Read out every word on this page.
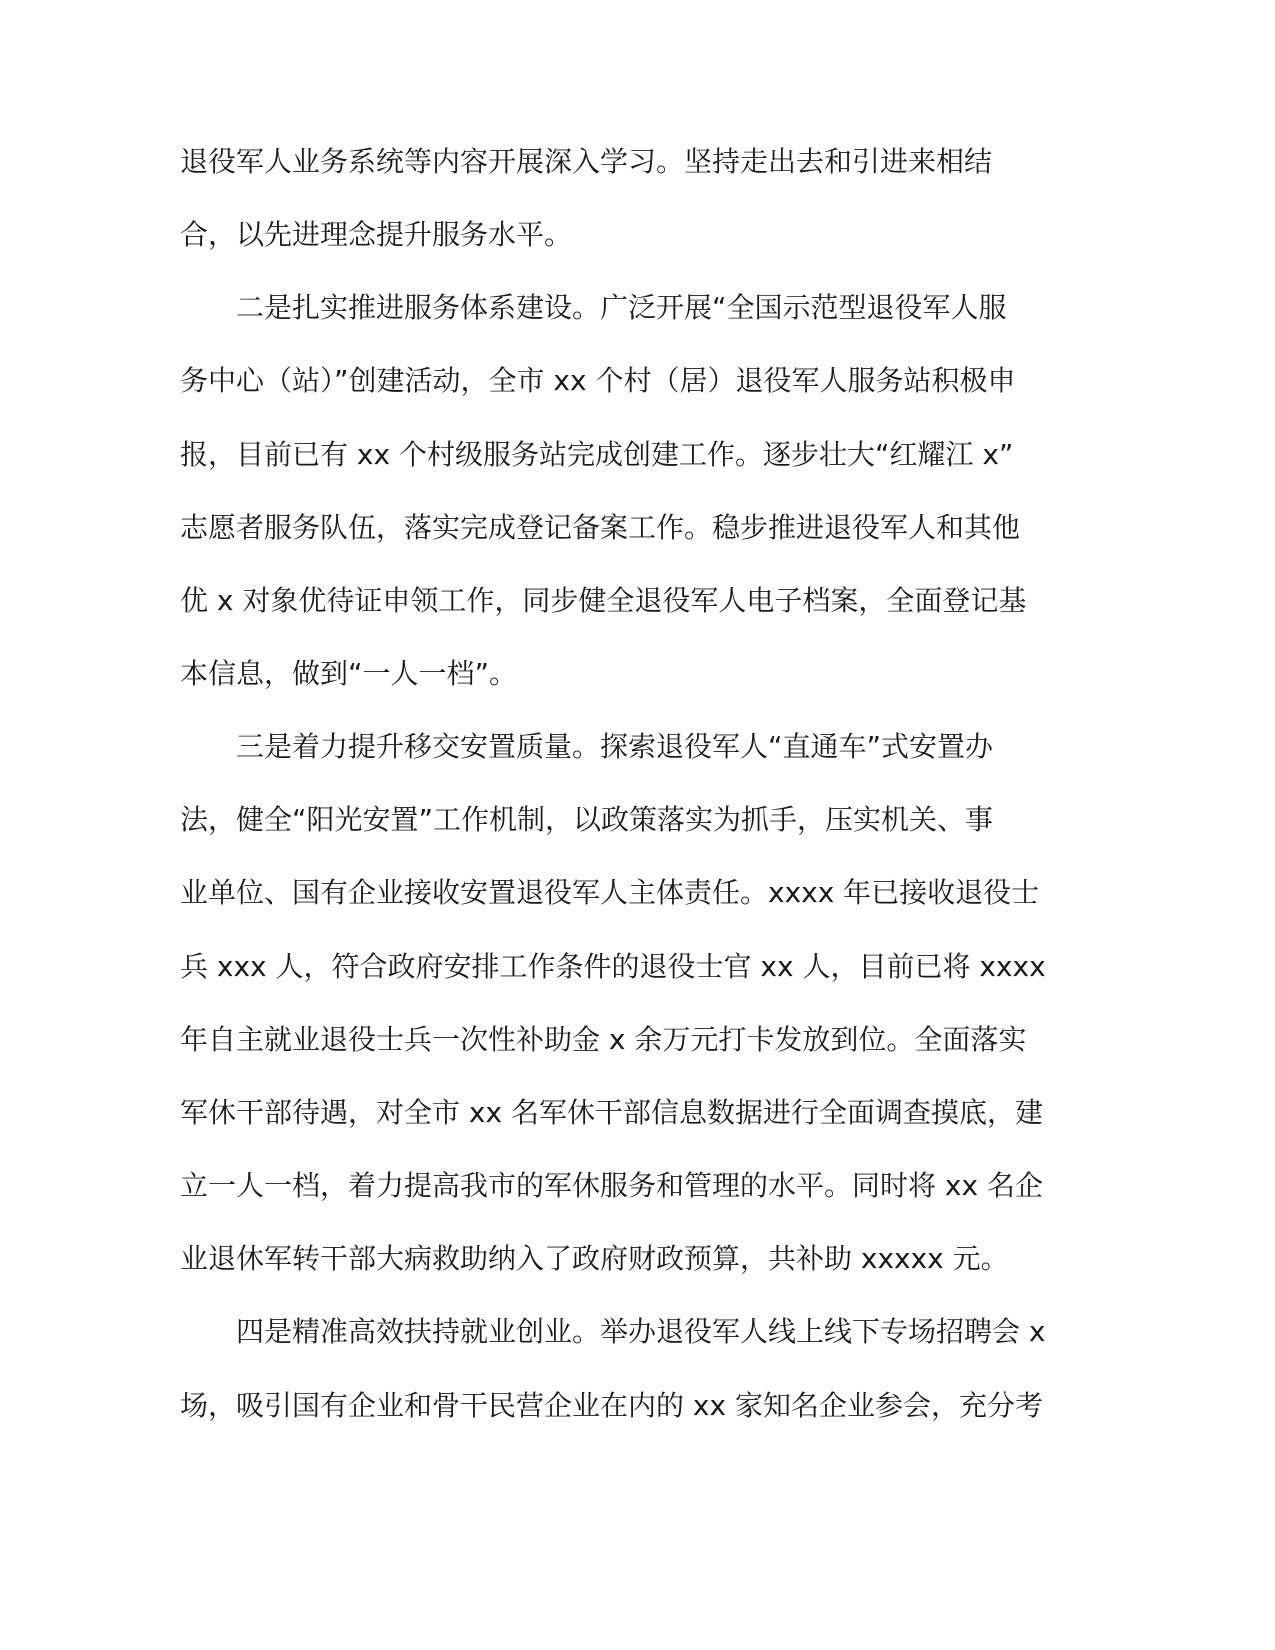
退役军人业务系统等内容开展深入学习。坚持走出去和引进来相结
合，以先进理念提升服务水平。
二是扎实推进服务体系建设。广泛开展“全国示范型退役军人服
务中心（站）”创建活动，全市 xx 个村（居）退役军人服务站积极申
报，目前已有 xx 个村级服务站完成创建工作。逐步壮大“红耀江 x”
志愿者服务队伍，落实完成登记备案工作。稳步推进退役军人和其他
优 x 对象优待证申领工作，同步健全退役军人电子档案，全面登记基
本信息，做到“一人一档”。
三是着力提升移交安置质量。探索退役军人“直通车”式安置办
法，健全“阳光安置”工作机制，以政策落实为抓手，压实机关、事
业单位、国有企业接收安置退役军人主体责任。xxxx 年已接收退役士
兵 xxx 人，符合政府安排工作条件的退役士官 xx 人，目前已将 xxxx
年自主就业退役士兵一次性补助金 x 余万元打卡发放到位。全面落实
军休干部待遇，对全市 xx 名军休干部信息数据进行全面调查摸底，建
立一人一档，着力提高我市的军休服务和管理的水平。同时将 xx 名企
业退休军转干部大病救助纳入了政府财政预算，共补助 xxxxx 元。
四是精准高效扶持就业创业。举办退役军人线上线下专场招聘会 x
场，吸引国有企业和骨干民营企业在内的 xx 家知名企业参会，充分考
